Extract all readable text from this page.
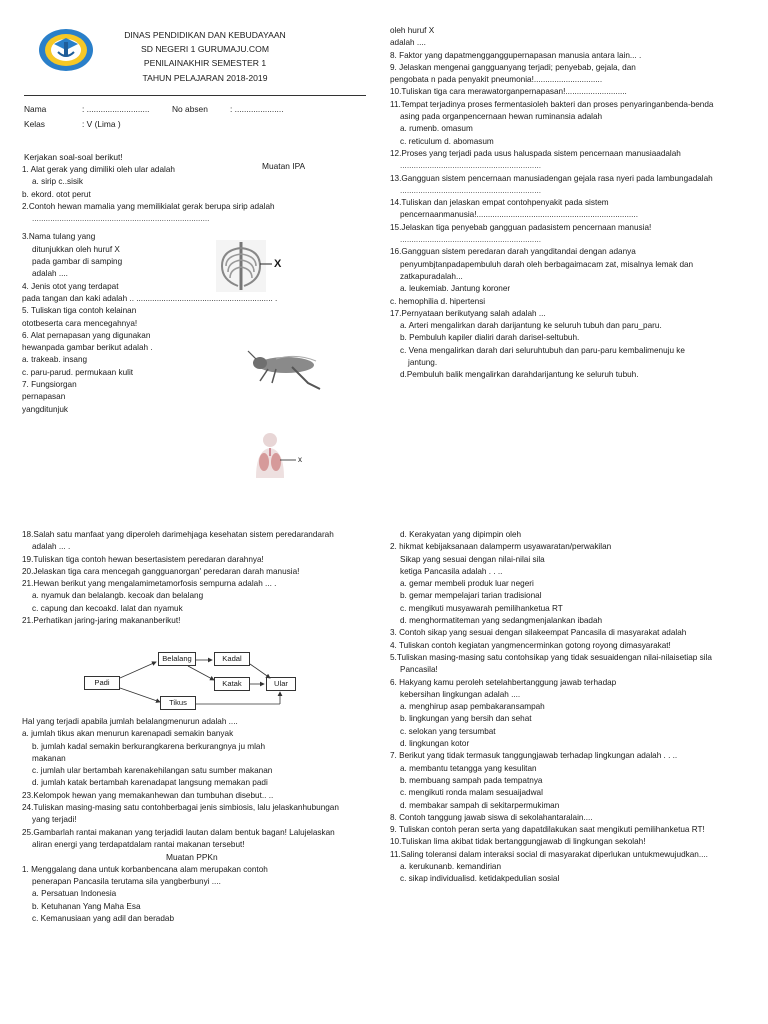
DINAS PENDIDIKAN DAN KEBUDAYAAN
SD NEGERI 1 GURUMAJU.COM
PENILAINAKHIR SEMESTER 1
TAHUN PELAJARAN 2018-2019
Nama	: ...........................	No absen	: .....................
Kelas	: V (Lima )
Kerjakan soal-soal berikut!
Muatan IPA
1. Alat gerak yang dimiliki oleh ular adalah
a. sirip c..sisik
b. ekord. otot perut
2.Contoh hewan mamalia yang memilikialat gerak berupa sirip adalah
..............................................................................
3.Nama tulang yang
ditunjukkan oleh huruf X
pada gambar di samping
adalah ....
4. Jenis otot yang terdapat
pada tangan dan kaki adalah .. ............................................................ .
5. Tuliskan tiga contoh kelainan
ototbeserta cara mencegahnya!
6. Alat pernapasan yang digunakan
hewanpada gambar berikut adalah .
a. trakeab. insang
c. paru-parud. permukaan kulit
7. Fungsiorgan
pernapasan
yangditunjuk
X
x
oleh huruf X
adalah ....
8. Faktor yang dapatmengganggupernapasan manusia antara lain... .
9. Jelaskan mengenai gangguanyang terjadi; penyebab, gejala, dan
pengobata n pada penyakit pneumonia!..............................
10.Tuliskan tiga cara merawatorganpernapasan!...........................
11.Tempat terjadinya proses fermentasioleh bakteri dan proses penyaringanbenda-benda
asing pada organpencernaan hewan ruminansia adalah
a. rumenb. omasum
c. reticulum d. abomasum
12.Proses yang terjadi pada usus haluspada sistem pencernaan manusiaadalah
..............................................................
13.Gangguan sistem pencernaan manusiadengan gejala rasa nyeri pada lambungadalah
..............................................................
14.Tuliskan dan jelaskan empat contohpenyakit pada sistem
pencernaanmanusia!.......................................................................
15.Jelaskan tiga penyebab gangguan padasistem pencernaan manusia!
..............................................................
16.Gangguan sistem peredaran darah yangditandai dengan adanya
penyumbjtanpadapembuluh darah oleh berbagaimacam zat, misalnya lemak dan
zatkapuradalah...
a. leukemiab. Jantung koroner
c. hemophilia d. hipertensi
17.Pernyataan berikutyang salah adalah ...
a. Arteri mengalirkan darah darijantung ke seluruh tubuh dan paru_paru.
b. Pembuluh kapiler dialiri darah darisel-seltubuh.
c. Vena mengalirkan darah dari seluruhtubuh dan paru-paru kembalimenuju ke
jantung.
d.Pembuluh balik mengalirkan darahdarijantung ke seluruh tubuh.
18.Salah satu manfaat yang diperoleh darimehjaga kesehatan sistem peredarandarah
adalah ... .
19.Tuliskan tiga contoh hewan besertasistem peredaran darahnya!
20.Jelaskan tiga cara mencegah gangguanorgan' peredaran darah manusia!
21.Hewan berikut yang mengalamimetamorfosis sempurna adalah ... .
a. nyamuk dan belalangb. kecoak dan belalang
c. capung dan kecoakd. lalat dan nyamuk
21.Perhatikan jaring-jaring makananberikut!
Belalang	Kadal
Padi	Katak	Ular
Tikus
Hal yang terjadi apabila jumlah belalangmenurun adalah ....
a. jumlah tikus akan menurun karenapadi semakin banyak
b. jumlah kadal semakin berkurangkarena berkurangnya ju mlah
makanan
c. jumlah ular bertambah karenakehilangan satu sumber makanan
d. jumlah katak bertambah karenadapat langsung memakan padi
23.Kelompok hewan yang memakanhewan dan tumbuhan disebut.. ..
24.Tuliskan masing-masing satu contohberbagai jenis simbiosis, lalu jelaskanhubungan
yang terjadi!
25.Gambarlah rantai makanan yang terjadidi lautan dalam bentuk bagan! Lalujelaskan
aliran energi yang terdapatdalam rantai makanan tersebut!
Muatan PPKn
1. Menggalang dana untuk korbanbencana alam merupakan contoh
penerapan Pancasila terutama sila yangberbunyi ....
a. Persatuan Indonesia
b. Ketuhanan Yang Maha Esa
c. Kemanusiaan yang adil dan beradab
d. Kerakyatan yang dipimpin oleh
2. hikmat kebijaksanaan dalamperm usyawaratan/perwakilan
Sikap yang sesuai dengan nilai-nilai sila
ketiga Pancasila adalah . . ..
a. gemar membeli produk luar negeri
b. gemar mempelajari tarian tradisional
c. mengikuti musyawarah pemilihanketua RT
d. menghormatiteman yang sedangmenjalankan ibadah
3. Contoh sikap yang sesuai dengan silakeempat Pancasila di masyarakat adalah
4. Tuliskan contoh kegiatan yangmencerminkan gotong royong dimasyarakat!
5.Tuliskan masing-masing satu contohsikap yang tidak sesuaidengan nilai-nilaisetiap sila
Pancasila!
6. Hakyang kamu peroleh setelahbertanggung jawab terhadap
kebersihan lingkungan adalah ....
a. menghirup asap pembakaransampah
b. lingkungan yang bersih dan sehat
c. selokan yang tersumbat
d. lingkungan kotor
7. Berikut yang tidak termasuk tanggungjawab terhadap lingkungan adalah . . ..
a. membantu tetangga yang kesulitan
b. membuang sampah pada tempatnya
c. mengikuti ronda malam sesuaijadwal
d. membakar sampah di sekitarpermukiman
8. Contoh tanggung jawab siswa di sekolahantaralain....
9. Tuliskan contoh peran serta yang dapatdilakukan saat mengikuti pemilihanketua RT!
10.Tuliskan lima akibat tidak bertanggungjawab di lingkungan sekolah!
11.Saling toleransi dalam interaksi social di masyarakat diperlukan untukmewujudkan....
a. kerukunanb. kemandirian
c. sikap individualisd. ketidakpedulian sosial
